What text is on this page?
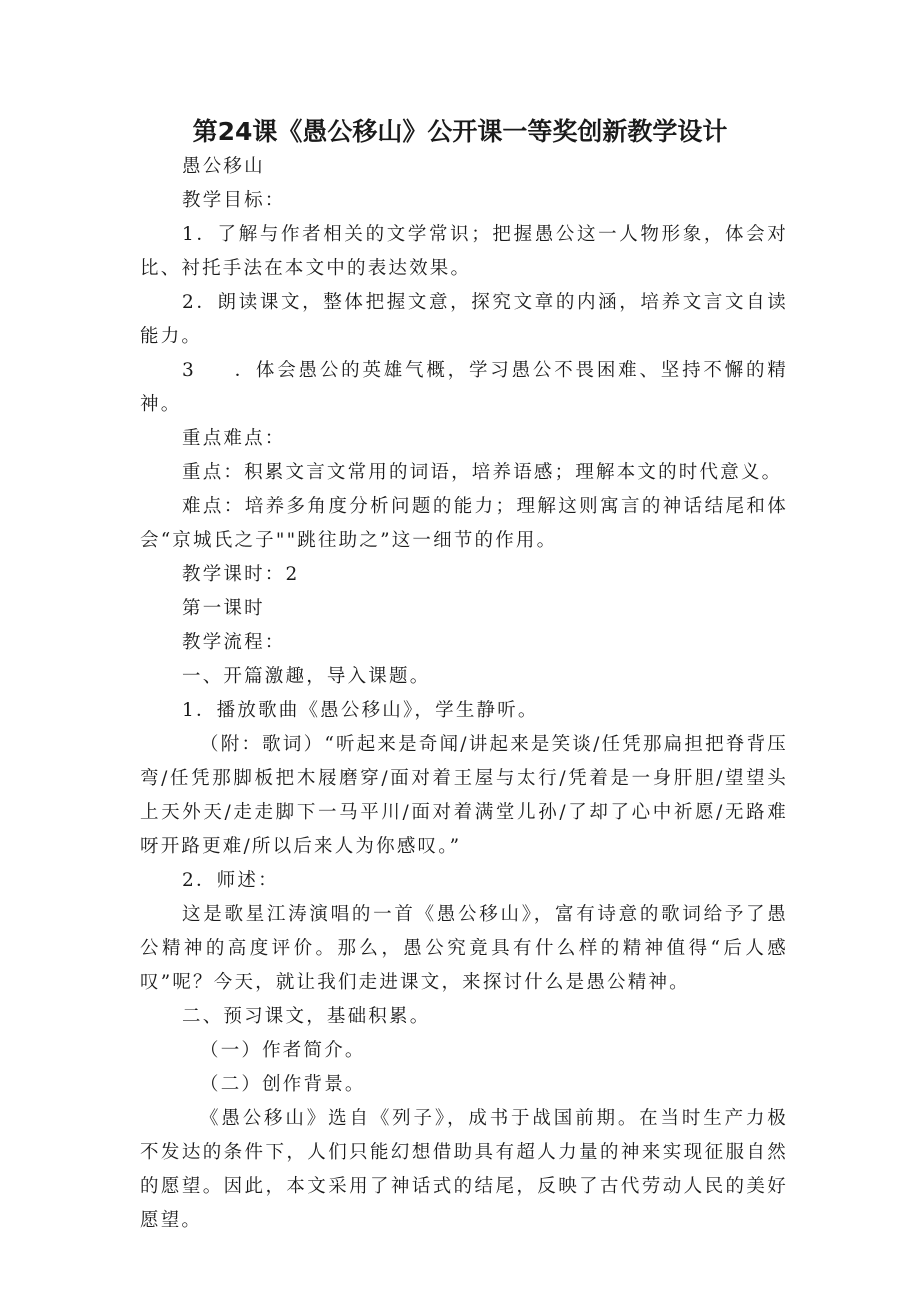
第24课《愚公移山》公开课一等奖创新教学设计

愚公移山

教学目标：

1．了解与作者相关的文学常识；把握愚公这一人物形象，体会对比、衬托手法在本文中的表达效果。

2．朗读课文，整体把握文意，探究文章的内涵，培养文言文自读能力。

3 ．体会愚公的英雄气概，学习愚公不畏困难、坚持不懈的精神。

重点难点：

重点：积累文言文常用的词语，培养语感；理解本文的时代意义。

难点：培养多角度分析问题的能力；理解这则寓言的神话结尾和体会“京城氏之子""跳往助之”这一细节的作用。

教学课时：2

第一课时

教学流程：

一、开篇激趣，导入课题。

1．播放歌曲《愚公移山》，学生静听。

（附：歌词）“听起来是奇闻/讲起来是笑谈/任凭那扁担把脊背压弯/任凭那脚板把木屐磨穿/面对着王屋与太行/凭着是一身肝胆/望望头上天外天/走走脚下一马平川/面对着满堂儿孙/了却了心中祈愿/无路难呀开路更难/所以后来人为你感叹。”

2．师述：

这是歌星江涛演唱的一首《愚公移山》，富有诗意的歌词给予了愚公精神的高度评价。那么，愚公究竟具有什么样的精神值得“后人感叹”呢？今天，就让我们走进课文，来探讨什么是愚公精神。

二、预习课文，基础积累。

（一）作者简介。

（二）创作背景。

《愚公移山》选自《列子》，成书于战国前期。在当时生产力极不发达的条件下，人们只能幻想借助具有超人力量的神来实现征服自然的愿望。因此，本文采用了神话式的结尾，反映了古代劳动人民的美好愿望。
